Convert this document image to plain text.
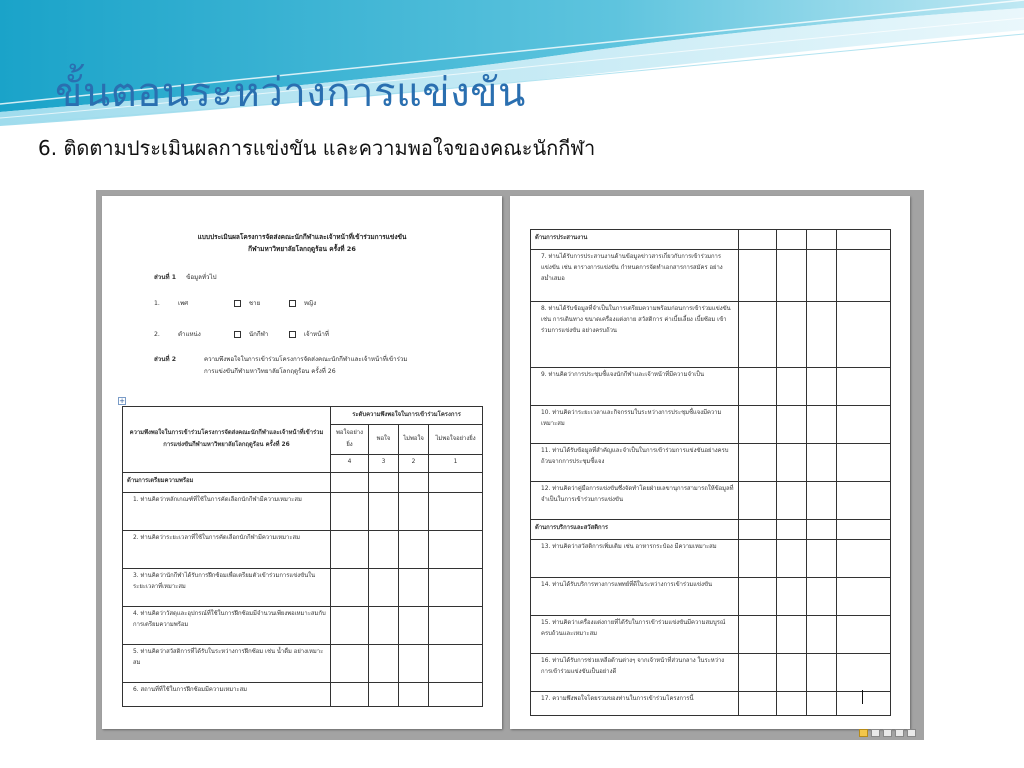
ขั้นตอนระหว่างการแข่งขัน
6. ติดตามประเมินผลการแข่งขัน และความพอใจของคณะนักกีฬา
แบบประเมินผลโครงการจัดส่งคณะนักกีฬาและเจ้าหน้าที่เข้าร่วมการแข่งขัน
กีฬามหาวิทยาลัยโลกฤดูร้อน ครั้งที่ 26
ส่วนที่ 1 ข้อมูลทั่วไป
1.	เพศ	ชาย	หญิง
2.	ตำแหน่ง	นักกีฬา	เจ้าหน้าที่
ส่วนที่ 2	ความพึงพอใจในการเข้าร่วมโครงการจัดส่งคณะนักกีฬาและเจ้าหน้าที่เข้าร่วม
การแข่งขันกีฬามหาวิทยาลัยโลกฤดูร้อน ครั้งที่ 26
+
ความพึงพอใจในการเข้าร่วมโครงการจัดส่งคณะนักกีฬาและเจ้าหน้าที่เข้าร่วมการแข่งขันกีฬามหาวิทยาลัยโลกฤดูร้อน ครั้งที่ 26	ระดับความพึงพอใจในการเข้าร่วมโครงการ			
	พอใจอย่างยิ่ง	พอใจ	ไม่พอใจ	ไม่พอใจอย่างยิ่ง
	4	3	2	1
ด้านการเตรียมความพร้อม				
1. ท่านคิดว่าหลักเกณฑ์ที่ใช้ในการคัดเลือกนักกีฬามีความเหมาะสม				
2. ท่านคิดว่าระยะเวลาที่ใช้ในการคัดเลือกนักกีฬามีความเหมาะสม				
3. ท่านคิดว่านักกีฬาได้รับการฝึกซ้อมเพื่อเตรียมตัวเข้าร่วมการแข่งขันในระยะเวลาที่เหมาะสม				
4. ท่านคิดว่าวัสดุและอุปกรณ์ที่ใช้ในการฝึกซ้อมมีจำนวนเพียงพอเหมาะสมกับการเตรียมความพร้อม				
5. ท่านคิดว่าสวัสดิการที่ได้รับในระหว่างการฝึกซ้อม เช่น น้ำดื่ม อย่างเหมาะสม				
6. สถานที่ที่ใช้ในการฝึกซ้อมมีความเหมาะสม				
ด้านการประสานงาน				
7. ท่านได้รับการประสานงานด้านข้อมูลข่าวสารเกี่ยวกับการเข้าร่วมการแข่งขัน เช่น ตารางการแข่งขัน กำหนดการจัดทำเอกสารการสมัคร อย่างสม่ำเสมอ				
8. ท่านได้รับข้อมูลที่จำเป็นในการเตรียมความพร้อมก่อนการเข้าร่วมแข่งขัน เช่น การเดินทาง ขนาดเครื่องแต่งกาย สวัสดิการ ค่าเบี้ยเลี้ยง เบี้ยซ้อม เข้าร่วมการแข่งขัน อย่างครบถ้วน				
9. ท่านคิดว่าการประชุมชี้แจงนักกีฬาและเจ้าหน้าที่มีความจำเป็น				
10. ท่านคิดว่าระยะเวลาและกิจกรรมในระหว่างการประชุมชี้แจงมีความเหมาะสม				
11. ท่านได้รับข้อมูลที่สำคัญและจำเป็นในการเข้าร่วมการแข่งขันอย่างครบถ้วนจากการประชุมชี้แจง				
12. ท่านคิดว่าคู่มือการแข่งขันซึ่งจัดทำโดยฝ่ายเลขานุการสามารถให้ข้อมูลที่จำเป็นในการเข้าร่วมการแข่งขัน				
ด้านการบริการและสวัสดิการ				
13. ท่านคิดว่าสวัสดิการเพิ่มเติม เช่น อาหารกระป๋อง มีความเหมาะสม				
14. ท่านได้รับบริการทางการแพทย์ที่ดีในระหว่างการเข้าร่วมแข่งขัน				
15. ท่านคิดว่าเครื่องแต่งกายที่ได้รับในการเข้าร่วมแข่งขันมีความสมบูรณ์ ครบถ้วนและเหมาะสม				
16. ท่านได้รับการช่วยเหลือด้านต่างๆ จากเจ้าหน้าที่ส่วนกลาง ในระหว่างการเข้าร่วมแข่งขันเป็นอย่างดี				
17. ความพึงพอใจโดยรวมของท่านในการเข้าร่วมโครงการนี้				
